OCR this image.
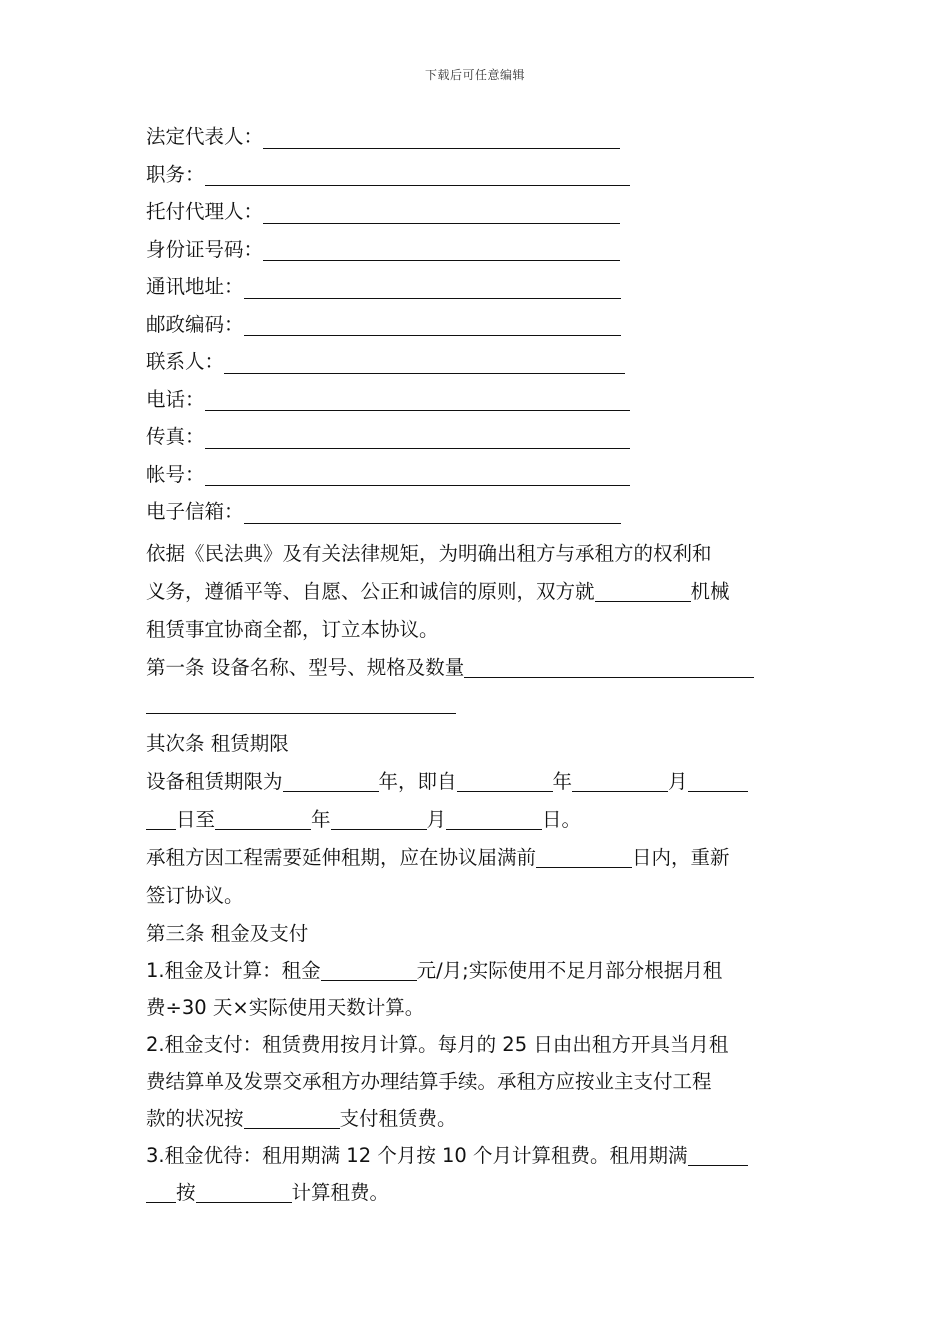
下载后可任意编辑
法定代表人：
职务：
托付代理人：
身份证号码：
通讯地址：
邮政编码：
联系人：
电话：
传真：
帐号：
电子信箱：

依据《民法典》及有关法律规矩，为明确出租方与承租方的权利和

义务，遵循平等、自愿、公正和诚信的原则，双方就	机械

租赁事宜协商全都，订立本协议。

第一条 设备名称、型号、规格及数量

其次条 租赁期限

设备租赁期限为	年，即自	年	月

日至	年	月	日。

承租方因工程需要延伸租期，应在协议届满前	日内，重新

签订协议。

第三条 租金及支付

1.租金及计算：租金	元/月;实际使用不足月部分根据月租

费÷30 天×实际使用天数计算。

2.租金支付：租赁费用按月计算。每月的 25 日由出租方开具当月租

费结算单及发票交承租方办理结算手续。承租方应按业主支付工程

款的状况按	支付租赁费。

3.租金优待：租用期满 12 个月按 10 个月计算租费。租用期满

按	计算租费。
